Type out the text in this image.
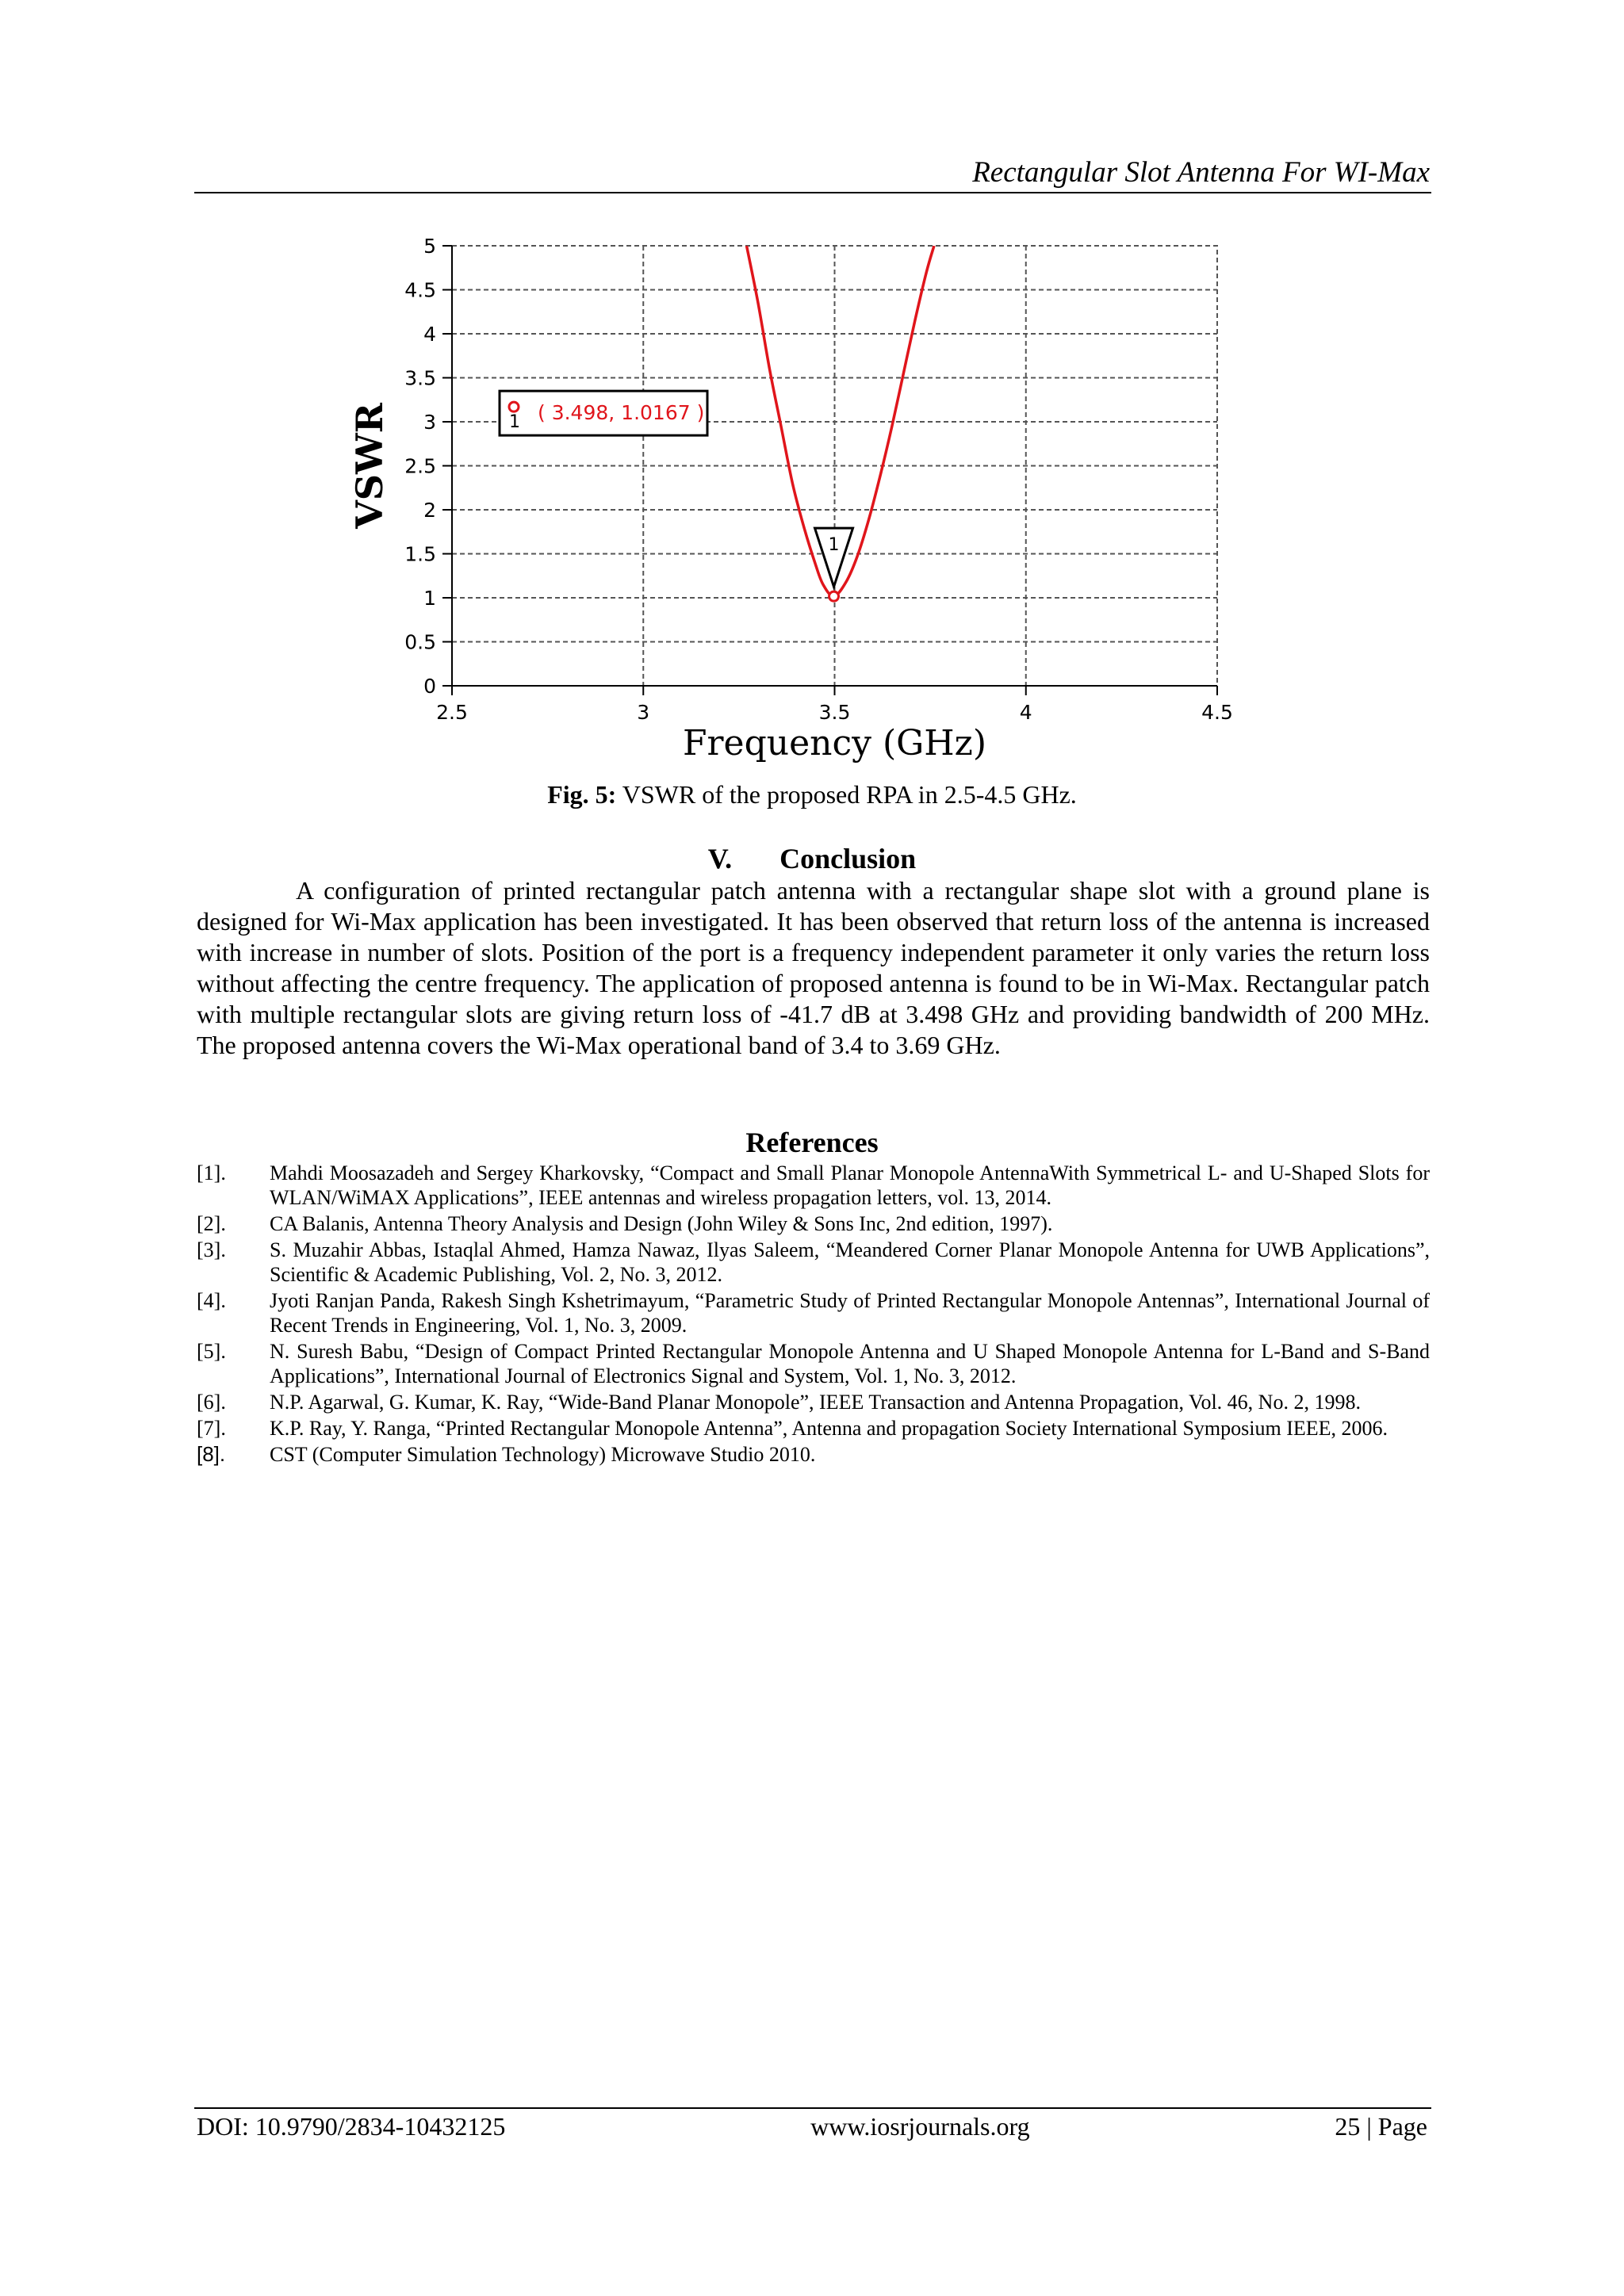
Rectangular Slot Antenna For WI-Max
0
0.5
1
1.5
2
2.5
3
3.5
4
4.5
5
2.5	3	3.5	4	4.5
1
1 ( 3.498, 1.0167 )
Frequency (GHz)
VSWR
Fig. 5: VSWR of the proposed RPA in 2.5-4.5 GHz.
V. Conclusion

A configuration of printed rectangular patch antenna with a rectangular shape slot with a ground plane is designed for Wi-Max application has been investigated. It has been observed that return loss of the antenna is increased with increase in number of slots. Position of the port is a frequency independent parameter it only varies the return loss without affecting the centre frequency. The application of proposed antenna is found to be in Wi-Max. Rectangular patch with multiple rectangular slots are giving return loss of -41.7 dB at 3.498 GHz and providing bandwidth of 200 MHz. The proposed antenna covers the Wi-Max operational band of 3.4 to 3.69 GHz.

References
[1].	Mahdi Moosazadeh and Sergey Kharkovsky, “Compact and Small Planar Monopole AntennaWith Symmetrical L- and U-Shaped Slots for WLAN/WiMAX Applications”, IEEE antennas and wireless propagation letters, vol. 13, 2014.
[2].	CA Balanis, Antenna Theory Analysis and Design (John Wiley & Sons Inc, 2nd edition, 1997).
[3].	S. Muzahir Abbas, Istaqlal Ahmed, Hamza Nawaz, Ilyas Saleem, “Meandered Corner Planar Monopole Antenna for UWB Applications”, Scientific & Academic Publishing, Vol. 2, No. 3, 2012.
[4].	Jyoti Ranjan Panda, Rakesh Singh Kshetrimayum, “Parametric Study of Printed Rectangular Monopole Antennas”, International Journal of Recent Trends in Engineering, Vol. 1, No. 3, 2009.
[5].	N. Suresh Babu, “Design of Compact Printed Rectangular Monopole Antenna and U Shaped Monopole Antenna for L-Band and S-Band Applications”, International Journal of Electronics Signal and System, Vol. 1, No. 3, 2012.
[6].	N.P. Agarwal, G. Kumar, K. Ray, “Wide-Band Planar Monopole”, IEEE Transaction and Antenna Propagation, Vol. 46, No. 2, 1998.
[7].	K.P. Ray, Y. Ranga, “Printed Rectangular Monopole Antenna”, Antenna and propagation Society International Symposium IEEE, 2006.
[8].	CST (Computer Simulation Technology) Microwave Studio 2010.
DOI: 10.9790/2834-10432125	www.iosrjournals.org	25 | Page
